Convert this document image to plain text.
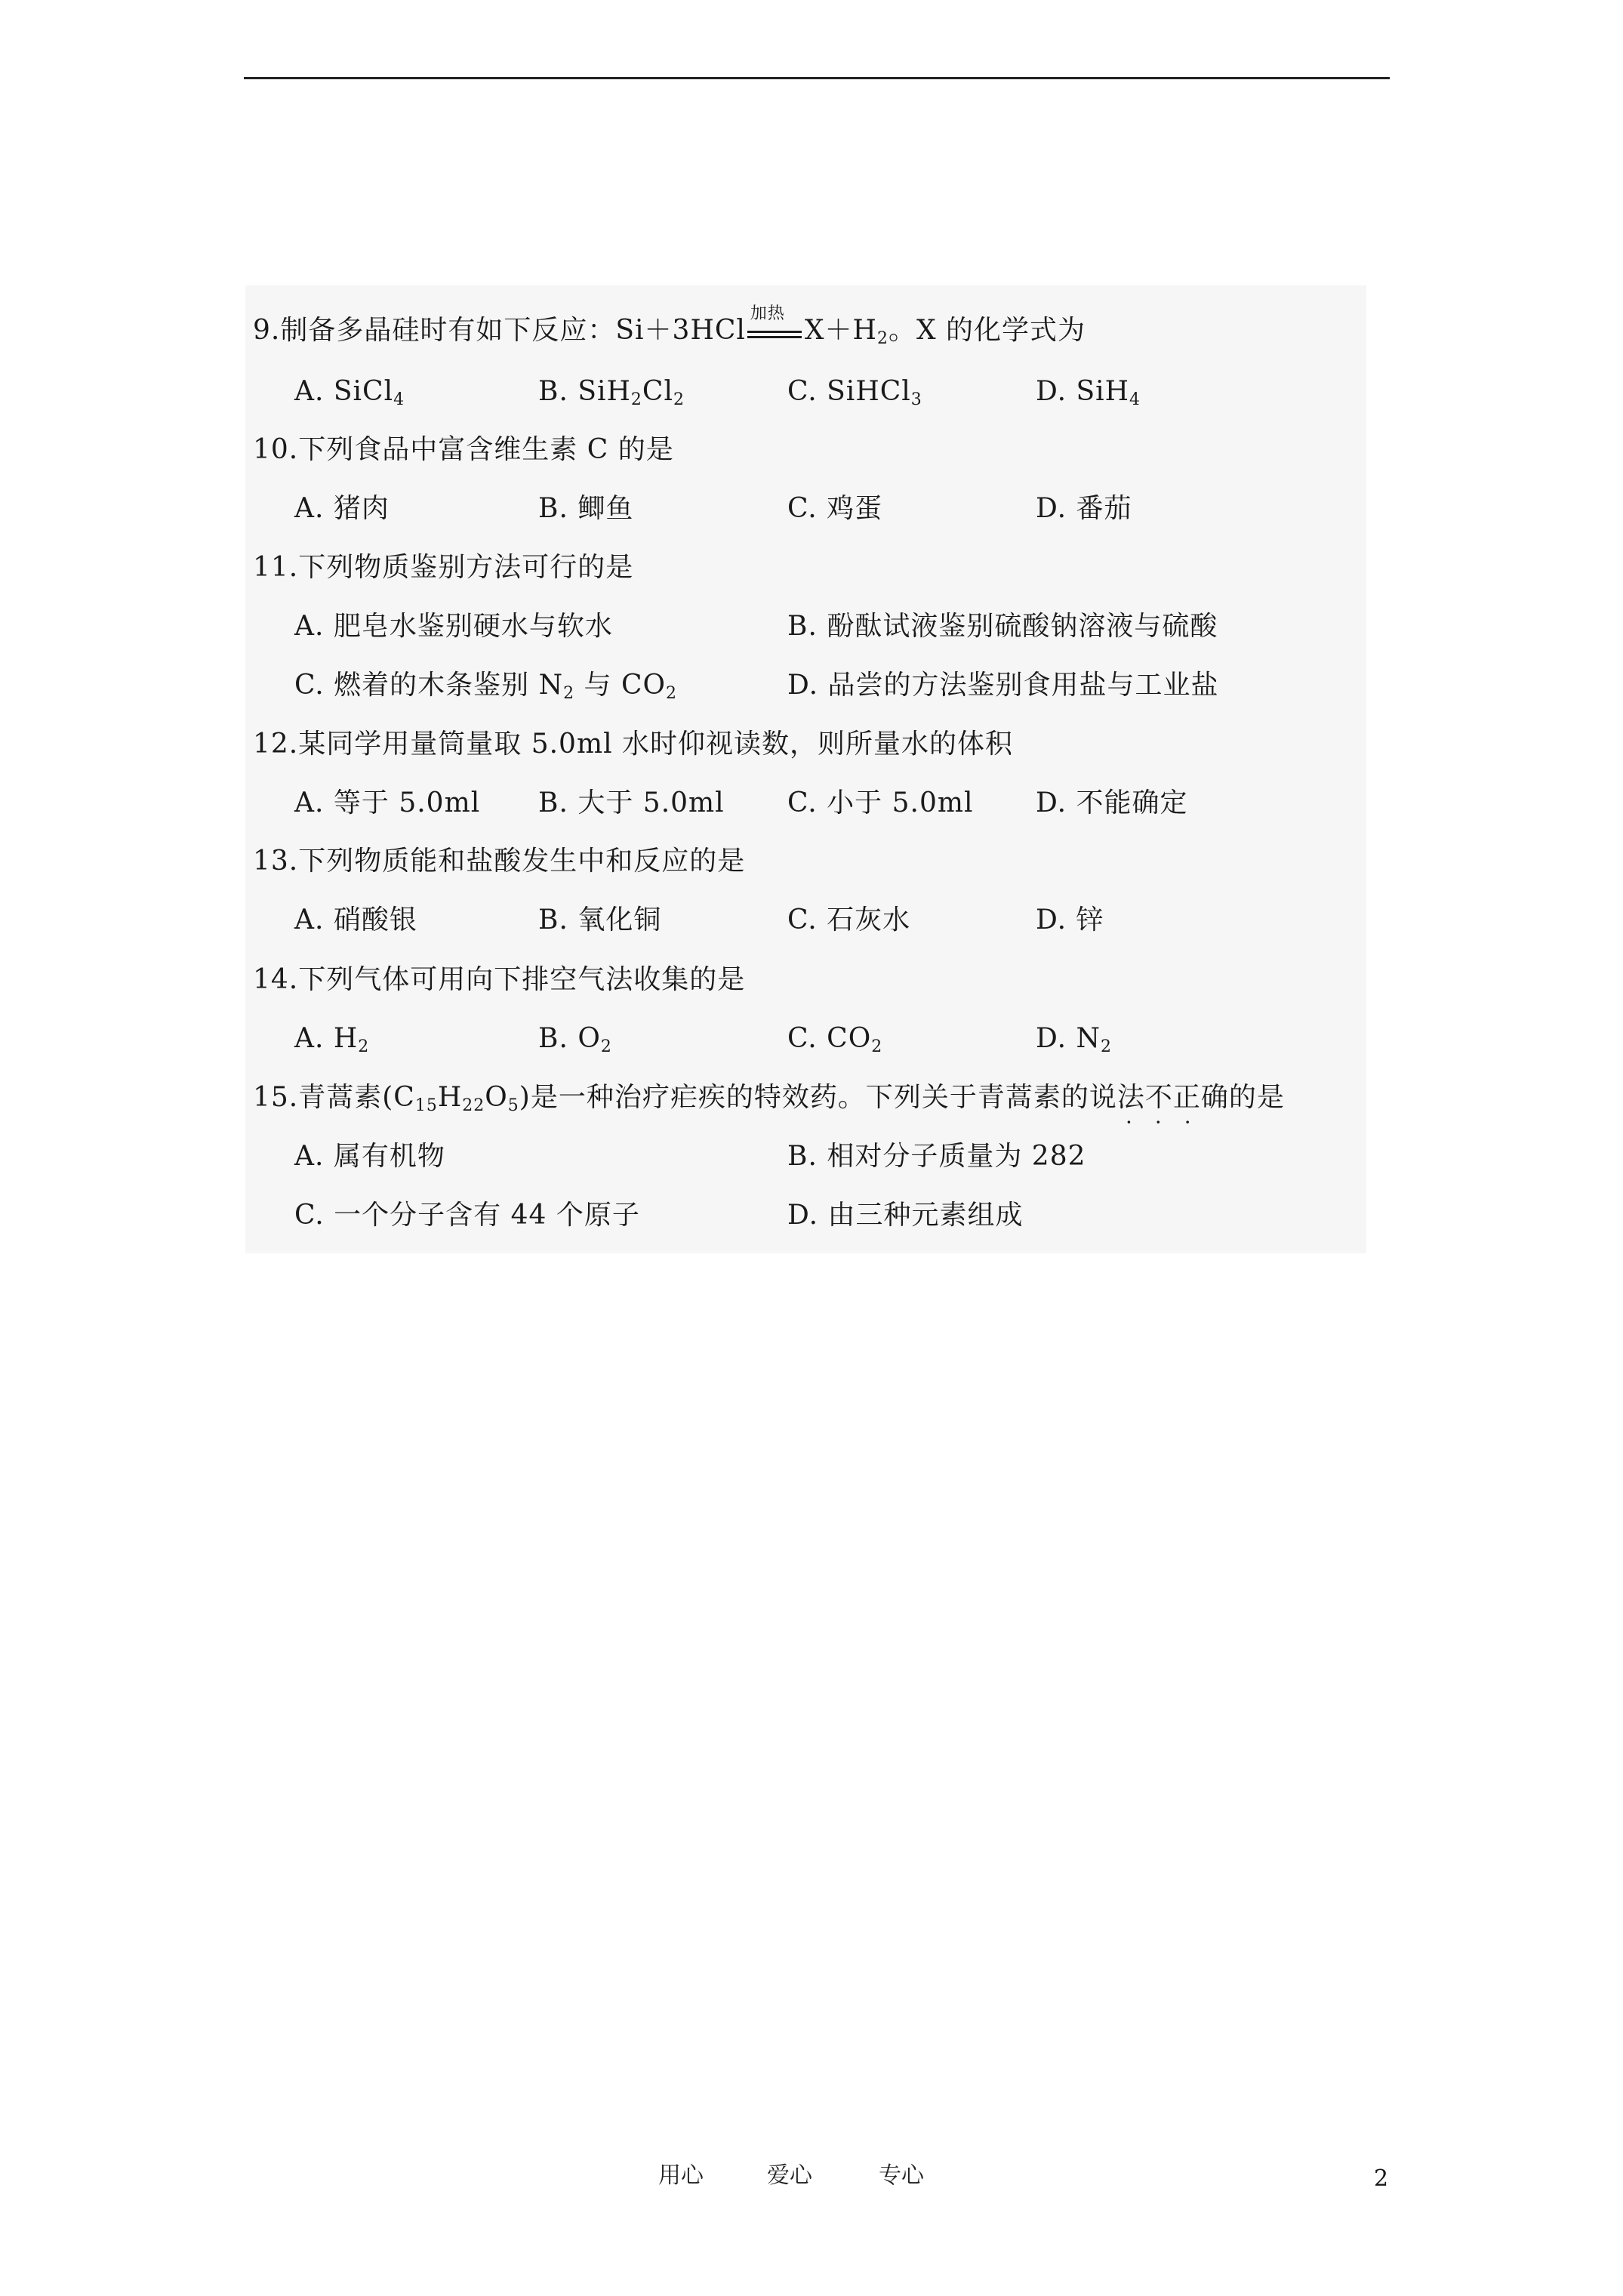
9.制备多晶硅时有如下反应：Si＋3HCl
加热
$X+H_2$。X 的化学式为
A. SiCl$_4$	B. $SiH_2Cl_2$	C. SiHCl$_3$	D. SiH$_4$
10.下列食品中富含维生素 C 的是
A. 猪肉	B. 鲫鱼	C. 鸡蛋	D. 番茄
11.下列物质鉴别方法可行的是
A. 肥皂水鉴别硬水与软水	B. 酚酞试液鉴别硫酸钠溶液与硫酸
C. 燃着的木条鉴别 $N_2$ 与 $CO_2$	D. 品尝的方法鉴别食用盐与工业盐
12.某同学用量筒量取 5.0ml 水时仰视读数，则所量水的体积
A. 等于 5.0ml B. 大于 5.0ml C. 小于 5.0ml D. 不能确定
13.下列物质能和盐酸发生中和反应的是
A. 硝酸银	B. 氧化铜	C. 石灰水	D. 锌
14.下列气体可用向下排空气法收集的是
A. $H_2$	B. $O_2$	C. $CO_2$	D. $N_2$
15.青蒿素$(C_{15}H_{22}O_5)$是一种治疗疟疾的特效药。下列关于青蒿素的说法不正确的是
···
A. 属有机物	B. 相对分子质量为 282
C. 一个分子含有 44 个原子	D. 由三种元素组成
用心	爱心	专心	2
